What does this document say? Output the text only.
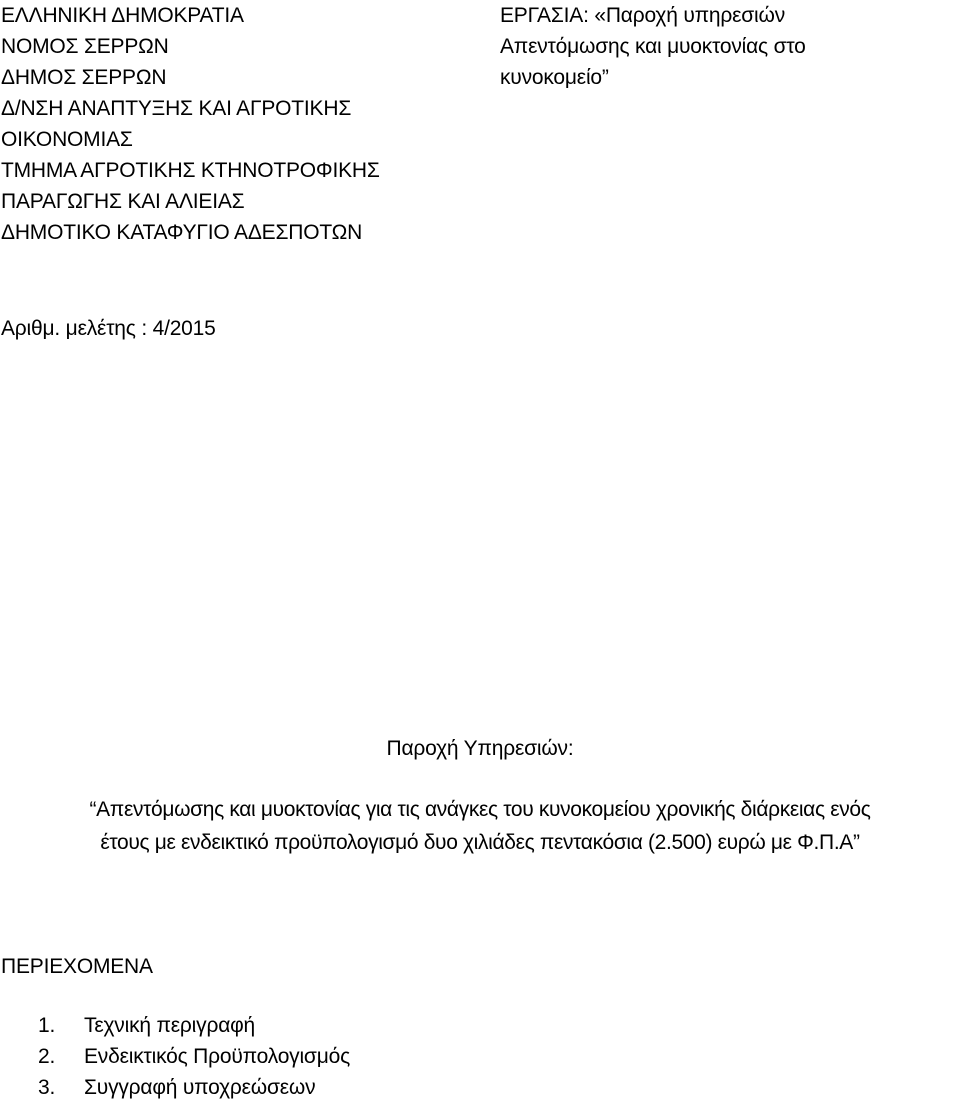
ΕΛΛΗΝΙΚΗ ΔΗΜΟΚΡΑΤΙΑ
ΝΟΜΟΣ ΣΕΡΡΩΝ
ΔΗΜΟΣ ΣΕΡΡΩΝ
Δ/ΝΣΗ ΑΝΑΠΤΥΞΗΣ ΚΑΙ ΑΓΡΟΤΙΚΗΣ
ΟΙΚΟΝΟΜΙΑΣ
ΤΜΗΜΑ ΑΓΡΟΤΙΚΗΣ ΚΤΗΝΟΤΡΟΦΙΚΗΣ
ΠΑΡΑΓΩΓΗΣ ΚΑΙ ΑΛΙΕΙΑΣ
ΔΗΜΟΤΙΚΟ ΚΑΤΑΦΥΓΙΟ ΑΔΕΣΠΟΤΩΝ
ΕΡΓΑΣΙΑ: «Παροχή υπηρεσιών
Απεντόμωσης και μυοκτονίας στο
κυνοκομείο”
Αριθμ. μελέτης : 4/2015
Παροχή Υπηρεσιών:
“Απεντόμωσης και μυοκτονίας για τις ανάγκες του κυνοκομείου χρονικής διάρκειας ενός
έτους με ενδεικτικό προϋπολογισμό δυο χιλιάδες πεντακόσια (2.500) ευρώ με Φ.Π.Α”
ΠΕΡΙΕΧΟΜΕΝΑ
1. Τεχνική περιγραφή
2. Ενδεικτικός Προϋπολογισμός
3. Συγγραφή υποχρεώσεων
